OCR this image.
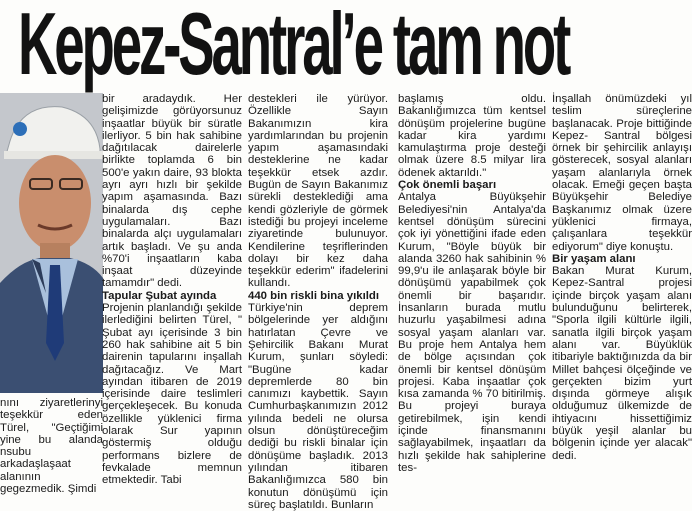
Kepez-Santral’e tam not

bir aradaydık. Her gelişimizde görüyorsunuz inşaatlar büyük bir süratle ilerliyor. 5 bin hak sahibine dağıtılacak dairelerle birlikte toplamda 6 bin 500'e yakın daire, 93 blokta ayrı ayrı hızlı bir şekilde yapım aşamasında. Bazı binalarda dış cephe uygulamaları. Bazı binalarda alçı uygulamaları artık başladı. Ve şu anda %70'i inşaatların kaba inşaat düzeyinde tamamdır" dedi.

Tapular Şubat ayında

Projenin planlandığı şekilde ilerlediğini belirten Türel, " Şubat ayı içerisinde 3 bin 260 hak sahibine ait 5 bin dairenin tapularını inşallah dağıtacağız. Ve Mart ayından itibaren de 2019 içerisinde daire teslimleri gerçekleşecek. Bu konuda özellikle yüklenici firma olarak Sur yapının göstermiş olduğu performans bizlere de fevkalade memnun etmektedir. Tabi

nını ziyaretlerinyi teşekkür eden Türel, "Geçtiğimi yine bu alanda nsubu arkadaşlaşaat alanının gegezmedik. Şimdi

destekleri ile yürüyor. Özellikle Sayın Bakanımızın kira yardımlarından bu projenin yapım aşamasındaki desteklerine ne kadar teşekkür etsek azdır. Bugün de Sayın Bakanımız sürekli desteklediği ama kendi gözleriyle de görmek istediği bu projeyi inceleme ziyaretinde bulunuyor. Kendilerine teşriflerinden dolayı bir kez daha teşekkür ederim" ifadelerini kullandı.

440 bin riskli bina yıkıldı

Türkiye'nin deprem bölgelerinde yer aldığını hatırlatan Çevre ve Şehircilik Bakanı Murat Kurum, şunları söyledi: "Bugüne kadar depremlerde 80 bin canımızı kaybettik. Sayın Cumhurbaşkanımızın 2012 yılında bedeli ne olursa olsun dönüştüreceğim dediği bu riskli binalar için dönüşüme başladık. 2013 yılından itibaren Bakanlığımızca 580 bin konutun dönüşümü için süreç başlatıldı. Bunların

başlamış oldu. Bakanlığımızca tüm kentsel dönüşüm projelerine bugüne kadar kira yardımı kamulaştırma proje desteği olmak üzere 8.5 milyar lira ödenek aktarıldı."

Çok önemli başarı

Antalya Büyükşehir Belediyesi'nin Antalya'da kentsel dönüşüm sürecini çok iyi yönettiğini ifade eden Kurum, "Böyle büyük bir alanda 3260 hak sahibinin % 99,9'u ile anlaşarak böyle bir dönüşümü yapabilmek çok önemli bir başarıdır. İnsanların burada mutlu huzurlu yaşabilmesi adına sosyal yaşam alanları var. Bu proje hem Antalya hem de bölge açısından çok önemli bir kentsel dönüşüm projesi. Kaba inşaatlar çok kısa zamanda % 70 bitirilmiş. Bu projeyi buraya getirebilmek, işin kendi içinde finansmanını sağlayabilmek, inşaatları da hızlı şekilde hak sahiplerine tes-

İnşallah önümüzdeki yıl teslim süreçlerine başlanacak. Proje bittiğinde Kepez- Santral bölgesi örnek bir şehircilik anlayışı gösterecek, sosyal alanları yaşam alanlarıyla örnek olacak. Emeği geçen başta Büyükşehir Belediye Başkanımız olmak üzere yüklenici firmaya, çalışanlara teşekkür ediyorum" diye konuştu.

Bir yaşam alanı

Bakan Murat Kurum, Kepez-Santral projesi içinde birçok yaşam alanı bulunduğunu belirterek, "Sporla ilgili kültürle ilgili, sanatla ilgili birçok yaşam alanı var. Büyüklük itibariyle baktığınızda da bir Millet bahçesi ölçeğinde ve gerçekten bizim yurt dışında görmeye alışık olduğumuz ülkemizde de ihtiyacını hissettiğimiz büyük yeşil alanlar bu bölgenin içinde yer alacak" dedi.
